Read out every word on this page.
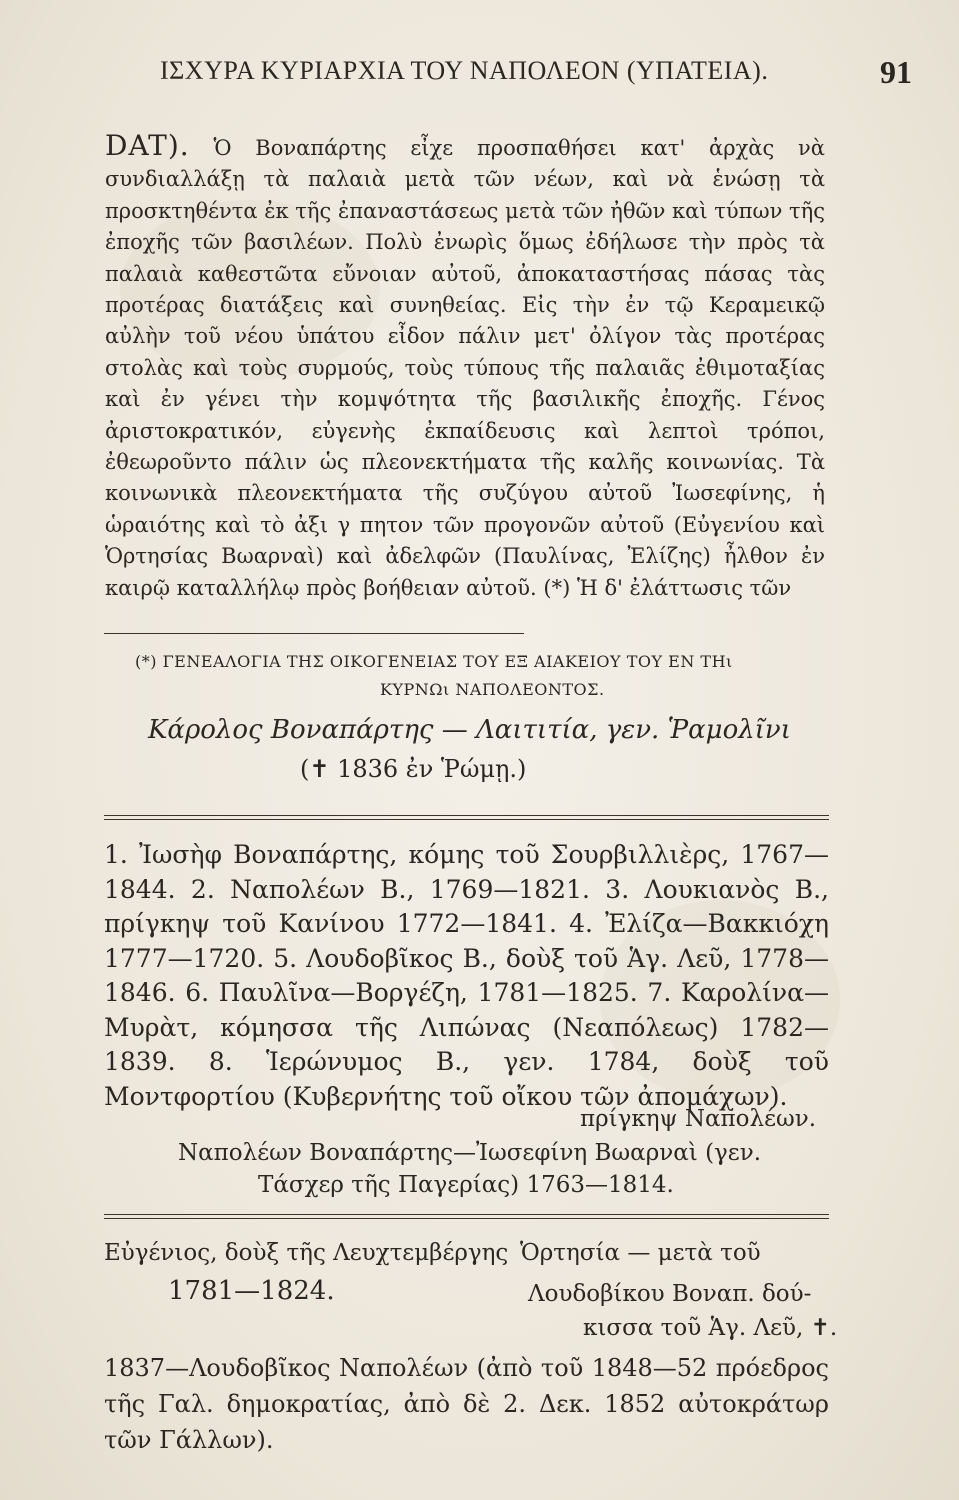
ΙΣΧΥΡΑ ΚΥΡΙΑΡΧΙΑ ΤΟΥ ΝΑΠΟΛΕΟΝ (ΥΠΑΤΕΙΑ).	91
DAT). Ὁ Βοναπάρτης εἶχε προσπαθήσει κατ' ἀρχὰς νὰ συνδιαλλάξῃ τὰ παλαιὰ μετὰ τῶν νέων, καὶ νὰ ἑνώσῃ τὰ προσκτηθέντα ἐκ τῆς ἐπαναστάσεως μετὰ τῶν ἠθῶν καὶ τύπων τῆς ἐποχῆς τῶν βασιλέων. Πολὺ ἐνωρὶς ὅμως ἐδήλωσε τὴν πρὸς τὰ παλαιὰ καθεστῶτα εὔνοιαν αὐτοῦ, ἀποκαταστήσας πάσας τὰς προτέρας διατάξεις καὶ συνηθείας. Εἰς τὴν ἐν τῷ Κεραμεικῷ αὐλὴν τοῦ νέου ὑπάτου εἶδον πάλιν μετ' ὀλίγον τὰς προτέρας στολὰς καὶ τοὺς συρμούς, τοὺς τύπους τῆς παλαιᾶς ἐθιμοταξίας καὶ ἐν γένει τὴν κομψότητα τῆς βασιλικῆς ἐποχῆς. Γένος ἀριστοκρατικόν, εὐγενὴς ἐκπαίδευσις καὶ λεπτοὶ τρόποι, ἐθεωροῦντο πάλιν ὡς πλεονεκτήματα τῆς καλῆς κοινωνίας. Τὰ κοινωνικὰ πλεονεκτήματα τῆς συζύγου αὐτοῦ Ἰωσεφίνης, ἡ ὡραιότης καὶ τὸ ἀξι γ πητον τῶν προγονῶν αὐτοῦ (Εὐγενίου καὶ Ὁρτησίας Βωαρναὶ) καὶ ἀδελφῶν (Παυλίνας, Ἐλίζης) ἦλθον ἐν καιρῷ καταλλήλῳ πρὸς βοήθειαν αὐτοῦ. (*) Ἡ δ' ἐλάττωσις τῶν
(*) ΓΕΝΕΑΛΟΓΙΑ ΤΗΣ ΟΙΚΟΓΕΝΕΙΑΣ ΤΟΥ ΕΞ ΑΙΑΚΕΙΟΥ ΤΟΥ ΕΝ ΤΗι
ΚΥΡΝΩι ΝΑΠΟΛΕΟΝΤΟΣ.
Κάρολος Βοναπάρτης — Λαιτιτία, γεν. Ῥαμολῖνι
(✝ 1836 ἐν Ῥώμῃ.)
1. Ἰωσὴφ Βοναπάρτης, κόμης τοῦ Σουρβιλλιὲρς, 1767—1844. 2. Ναπολέων Β., 1769—1821. 3. Λουκιανὸς Β., πρίγκηψ τοῦ Κανίνου 1772—1841. 4. Ἐλίζα—Βακκιόχη 1777—1720. 5. Λουδοβῖκος Β., δοὺξ τοῦ Ἁγ. Λεῦ, 1778—1846. 6. Παυλῖνα—Βοργέζη, 1781—1825. 7. Καρολίνα—Μυρὰτ, κόμησσα τῆς Λιπώνας (Νεαπόλεως) 1782—1839. 8. Ἱερώνυμος Β., γεν. 1784, δοὺξ τοῦ Μοντφορτίου (Κυβερνήτης τοῦ οἴκου τῶν ἀπομάχων).
πρίγκηψ Ναπολέων.
Ναπολέων Βοναπάρτης—Ἰωσεφίνη Βωαρναὶ (γεν.
Τάσχερ τῆς Παγερίας) 1763—1814.
Εὐγένιος, δοὺξ τῆς Λευχτεμβέργης
1781—1824.
Ὁρτησία — μετὰ τοῦ
Λουδοβίκου Βοναπ. δού-
κισσα τοῦ Ἁγ. Λεῦ, ✝.
1837—Λουδοβῖκος Ναπολέων (ἀπὸ τοῦ 1848—52 πρόεδρος τῆς Γαλ. δημοκρατίας, ἀπὸ δὲ 2. Δεκ. 1852 αὐτοκράτωρ τῶν Γάλλων).
